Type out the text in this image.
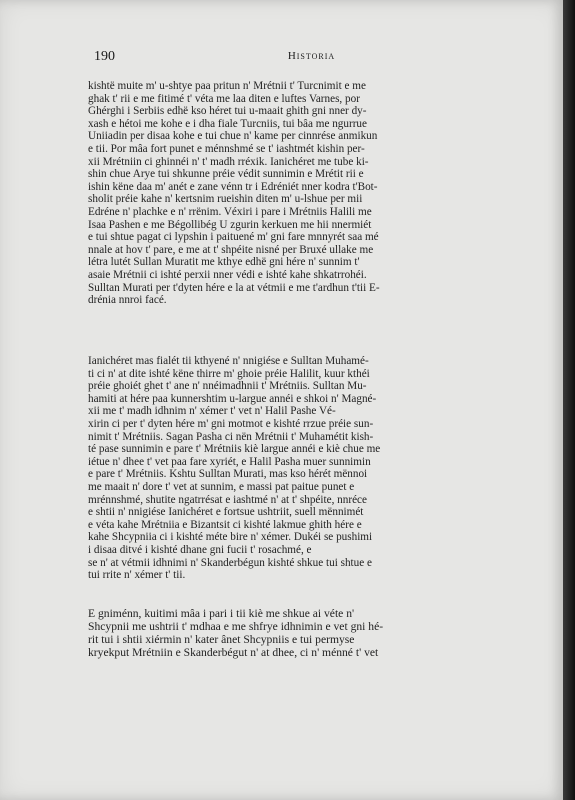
190	Historia
kishtë muite m' u-shtye paa pritun n' Mrétnii t' Turcnimit e me
ghak t' rii e me fitimé t' véta me laa diten e luftes Varnes, por
Ghérghi i Serbiis edhë kso héret tui u-maait ghith gni nner dy-
xash e hétoi me kohe e i dha fiale Turcniis, tui bâa me ngurrue
Uniiadin per disaa kohe e tui chue n' kame per cinnrése anmikun
e tii. Por mâa fort punet e ménnshmé se t' iashtmét kishin per-
xii Mrétniin ci ghinnéi n' t' madh rréxik. Ianichéret me tube ki-
shin chue Arye tui shkunne préie védit sunnimin e Mrétit rii e
ishin këne daa m' anét e zane vénn tr i Edréniét nner kodra t'Bot-
sholit préie kahe n' kertsnim rueishin diten m' u-lshue per mii
Edréne n' plachke e n' rrënim. Véxiri i pare i Mrétniis Halili me
Isaa Pashen e me Bégollibég U zgurin kerkuen me hii nnermiét
e tui shtue pagat ci lypshin i paituené m' gni fare mnnyrét saa mé
nnale at hov t' pare, e me at t' shpéite nisné per Bruxé ullake me
létra lutét Sullan Muratit me kthye edhë gni hére n' sunnim t'
asaie Mrétnii ci ishté perxii nner védi e ishté kahe shkatrrohéi.
Sulltan Murati per t'dyten hére e la at vétmii e me t'ardhun t'tii E-
drénia nnroi facé.
Ianichéret mas fialét tii kthyené n' nnigiése e Sulltan Muhamé-
ti ci n' at dite ishté këne thirre m' ghoie préie Halilit, kuur kthéi
préie ghoiét ghet t' ane n' nnéimadhnii t' Mrétniis. Sulltan Mu-
hamiti at hére paa kunnershtim u-largue annéi e shkoi n' Magné-
xii me t' madh idhnim n' xémer t' vet n' Halil Pashe Vé-
xirin ci per t' dyten hére m' gni motmot e kishté rrzue préie sun-
nimit t' Mrétniis. Sagan Pasha ci nën Mrétnii t' Muhamétit kish-
té pase sunnimin e pare t' Mrétniis kiè largue annéi e kiè chue me
iétue n' dhee t' vet paa fare xyriét, e Halil Pasha muer sunnimin
e pare t' Mrétniis. Kshtu Sulltan Murati, mas kso hérét mënnoi
me maait n' dore t' vet at sunnim, e massi pat paitue punet e
mrénnshmé, shutite ngatrrésat e iashtmé n' at t' shpéite, nnréce
e shtii n' nnigiése Ianichéret e fortsue ushtriit, suell mënnimét
e véta kahe Mrétniia e Bizantsit ci kishté lakmue ghith hére e
kahe Shcypniia ci i kishté méte bire n' xémer. Dukéi se pushimi
i disaa ditvé i kishté dhane gni fucii t' rosachmé, e
se n' at vétmii idhnimi n' Skanderbégun kishté shkue tui shtue e
tui rrite n' xémer t' tii.
E gniménn, kuitimi mâa i pari i tii kiè me shkue ai véte n'
Shcypnii me ushtrii t' mdhaa e me shfrye idhnimin e vet gni hé-
rit tui i shtii xiérmin n' kater ânet Shcypniis e tui permyse
kryekput Mrétniin e Skanderbégut n' at dhee, ci n' ménné t' vet
